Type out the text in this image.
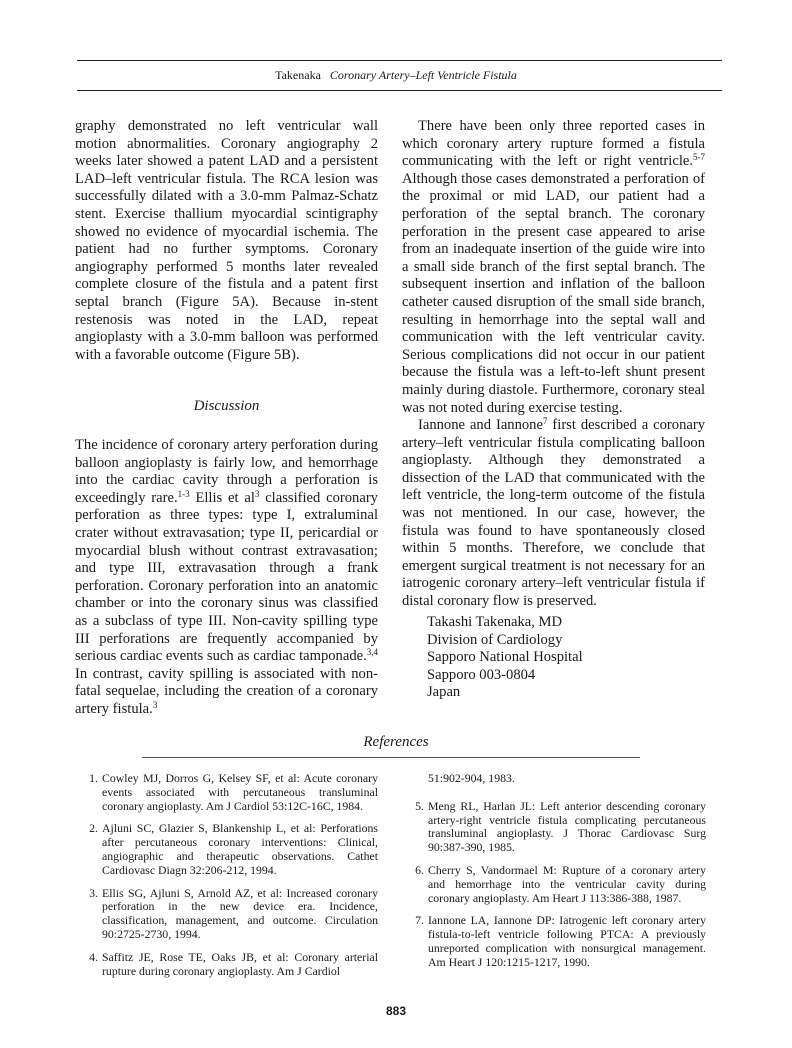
Takenaka Coronary Artery–Left Ventricle Fistula

graphy demonstrated no left ventricular wall motion abnormalities. Coronary angiography 2 weeks later showed a patent LAD and a persistent LAD–left ventricular fistula. The RCA lesion was successfully dilated with a 3.0-mm Palmaz-Schatz stent. Exercise thallium myocardial scintigraphy showed no evidence of myocardial ischemia. The patient had no further symptoms. Coronary angiography performed 5 months later revealed complete closure of the fistula and a patent first septal branch (Figure 5A). Because in-stent restenosis was noted in the LAD, repeat angioplasty with a 3.0-mm balloon was performed with a favorable outcome (Figure 5B).

Discussion

The incidence of coronary artery perforation during balloon angioplasty is fairly low, and hemorrhage into the cardiac cavity through a perforation is exceedingly rare.$^{1-3}$ Ellis et $al^3$ classified coronary perforation as three types: type I, extraluminal crater without extravasation; type II, pericardial or myocardial blush without contrast extravasation; and type III, extravasation through a frank perforation. Coronary perforation into an anatomic chamber or into the coronary sinus was classified as a subclass of type III. Non-cavity spilling type III perforations are frequently accompanied by serious cardiac events such as cardiac tamponade.$^{3,4}$ In contrast, cavity spilling is associated with non-fatal sequelae, including the creation of a coronary artery fistula.$^3$

There have been only three reported cases in which coronary artery rupture formed a fistula communicating with the left or right ventricle.$^{5-7}$ Although those cases demonstrated a perforation of the proximal or mid LAD, our patient had a perforation of the septal branch. The coronary perforation in the present case appeared to arise from an inadequate insertion of the guide wire into a small side branch of the first septal branch. The subsequent insertion and inflation of the balloon catheter caused disruption of the small side branch, resulting in hemorrhage into the septal wall and communication with the left ventricular cavity. Serious complications did not occur in our patient because the fistula was a left-to-left shunt present mainly during diastole. Furthermore, coronary steal was not noted during exercise testing.

Iannone and Iannone$^7$ first described a coronary artery–left ventricular fistula complicating balloon angioplasty. Although they demonstrated a dissection of the LAD that communicated with the left ventricle, the long-term outcome of the fistula was not mentioned. In our case, however, the fistula was found to have spontaneously closed within 5 months. Therefore, we conclude that emergent surgical treatment is not necessary for an iatrogenic coronary artery–left ventricular fistula if distal coronary flow is preserved.

Takashi Takenaka, MD
Division of Cardiology
Sapporo National Hospital
Sapporo 003-0804
Japan
References
1. Cowley MJ, Dorros G, Kelsey SF, et al: Acute coronary events associated with percutaneous transluminal coronary angioplasty. Am J Cardiol 53:12C-16C, 1984.
2. Ajluni SC, Glazier S, Blankenship L, et al: Perforations after percutaneous coronary interventions: Clinical, angiographic and therapeutic observations. Cathet Cardiovasc Diagn 32:206-212, 1994.
3. Ellis SG, Ajluni S, Arnold AZ, et al: Increased coronary perforation in the new device era. Incidence, classification, management, and outcome. Circulation 90:2725-2730, 1994.
4. Saffitz JE, Rose TE, Oaks JB, et al: Coronary arterial rupture during coronary angioplasty. Am J Cardiol
51:902-904, 1983.
5. Meng RL, Harlan JL: Left anterior descending coronary artery-right ventricle fistula complicating percutaneous transluminal angioplasty. J Thorac Cardiovasc Surg 90:387-390, 1985.
6. Cherry S, Vandormael M: Rupture of a coronary artery and hemorrhage into the ventricular cavity during coronary angioplasty. Am Heart J 113:386-388, 1987.
7. Iannone LA, Iannone DP: Iatrogenic left coronary artery fistula-to-left ventricle following PTCA: A previously unreported complication with nonsurgical management. Am Heart J 120:1215-1217, 1990.
883
